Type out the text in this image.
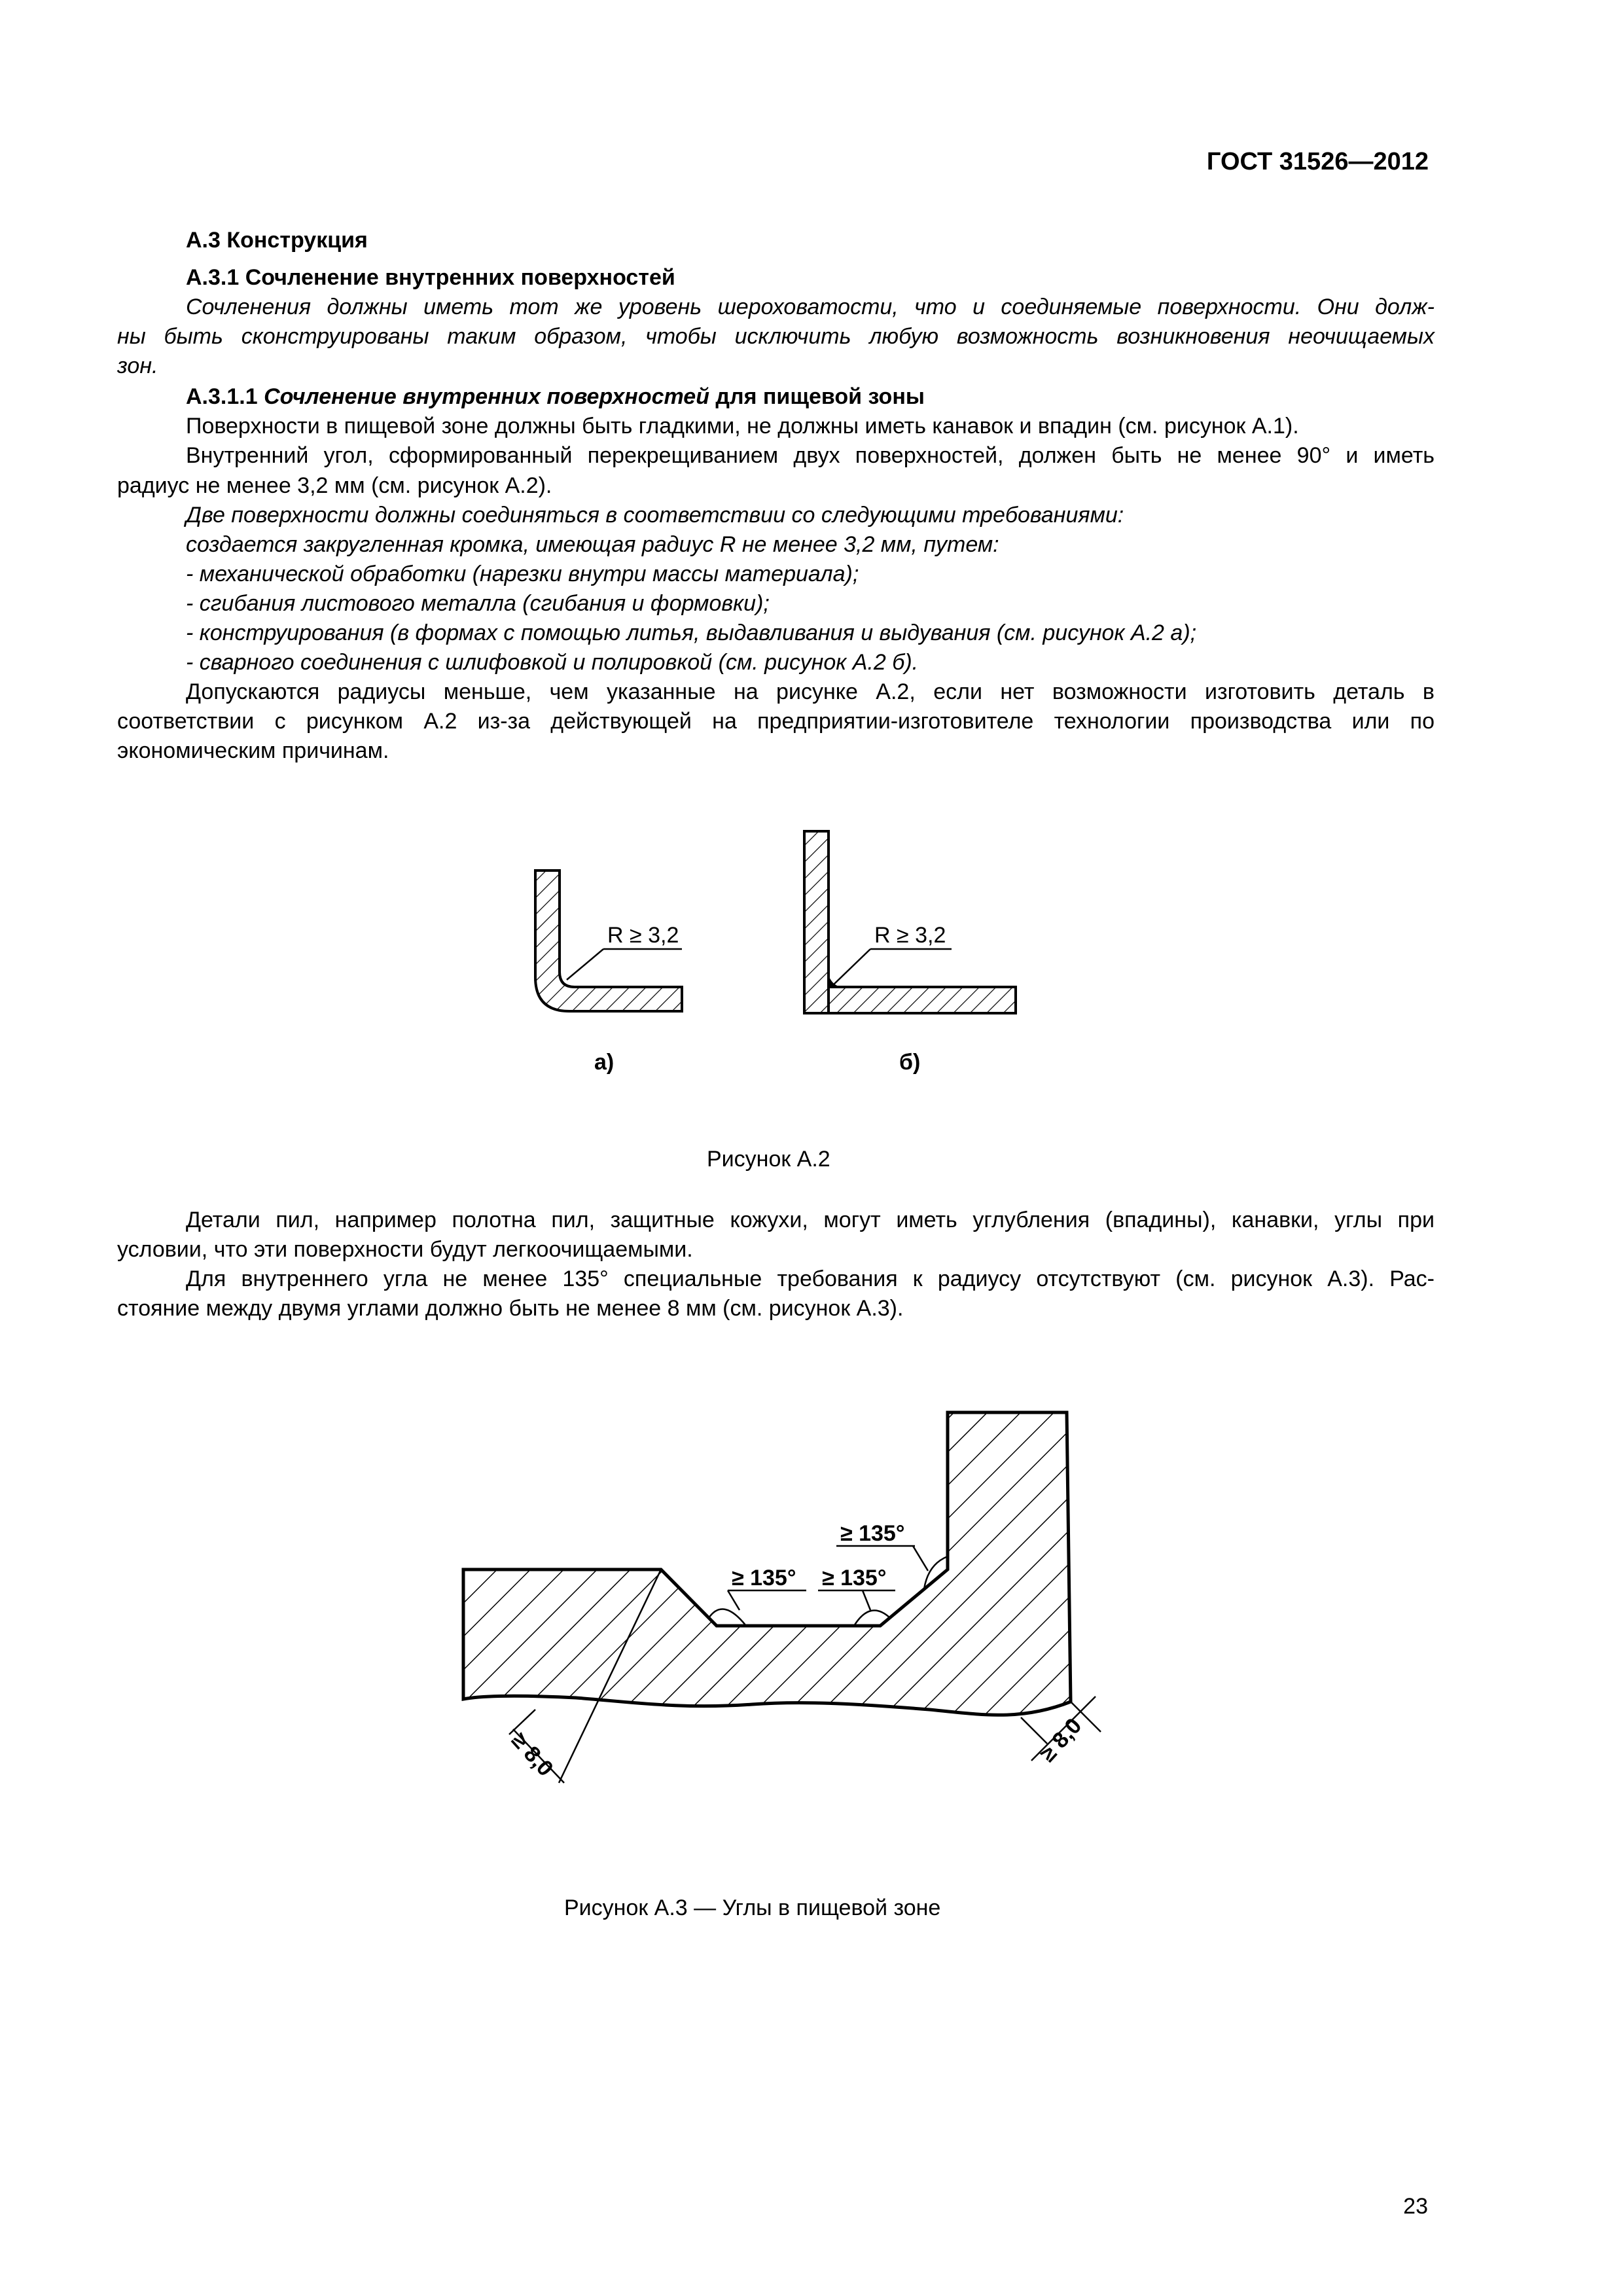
ГОСТ 31526—2012
А.3 Конструкция
А.3.1 Сочленение внутренних поверхностей
Сочленения должны иметь тот же уровень шероховатости, что и соединяемые поверхности. Они долж-
ны быть сконструированы таким образом, чтобы исключить любую возможность возникновения неочищаемых
зон.
А.3.1.1 Сочленение внутренних поверхностей для пищевой зоны
Поверхности в пищевой зоне должны быть гладкими, не должны иметь канавок и впадин (см. рисунок А.1).
Внутренний угол, сформированный перекрещиванием двух поверхностей, должен быть не менее 90° и иметь
радиус не менее 3,2 мм (см. рисунок А.2).
Две поверхности должны соединяться в соответствии со следующими требованиями:
создается закругленная кромка, имеющая радиус R не менее 3,2 мм, путем:
- механической обработки (нарезки внутри массы материала);
- сгибания листового металла (сгибания и формовки);
- конструирования (в формах с помощью литья, выдавливания и выдувания (см. рисунок А.2 а);
- сварного соединения с шлифовкой и полировкой (см. рисунок А.2 б).
Допускаются радиусы меньше, чем указанные на рисунке А.2, если нет возможности изготовить деталь в
соответствии с рисунком А.2 из-за действующей на предприятии-изготовителе технологии производства или по
экономическим причинам.
R ≥ 3,2
а)
R ≥ 3,2
б)
Рисунок А.2
Детали пил, например полотна пил, защитные кожухи, могут иметь углубления (впадины), канавки, углы при
условии, что эти поверхности будут легкоочищаемыми.
Для внутреннего угла не менее 135° специальные требования к радиусу отсутствуют (см. рисунок А.3). Рас-
стояние между двумя углами должно быть не менее 8 мм (см. рисунок А.3).
≥ 135° ≥ 135°
≥ 135°
≥ 8,0	≥ 8,0
Рисунок А.3 — Углы в пищевой зоне
23
